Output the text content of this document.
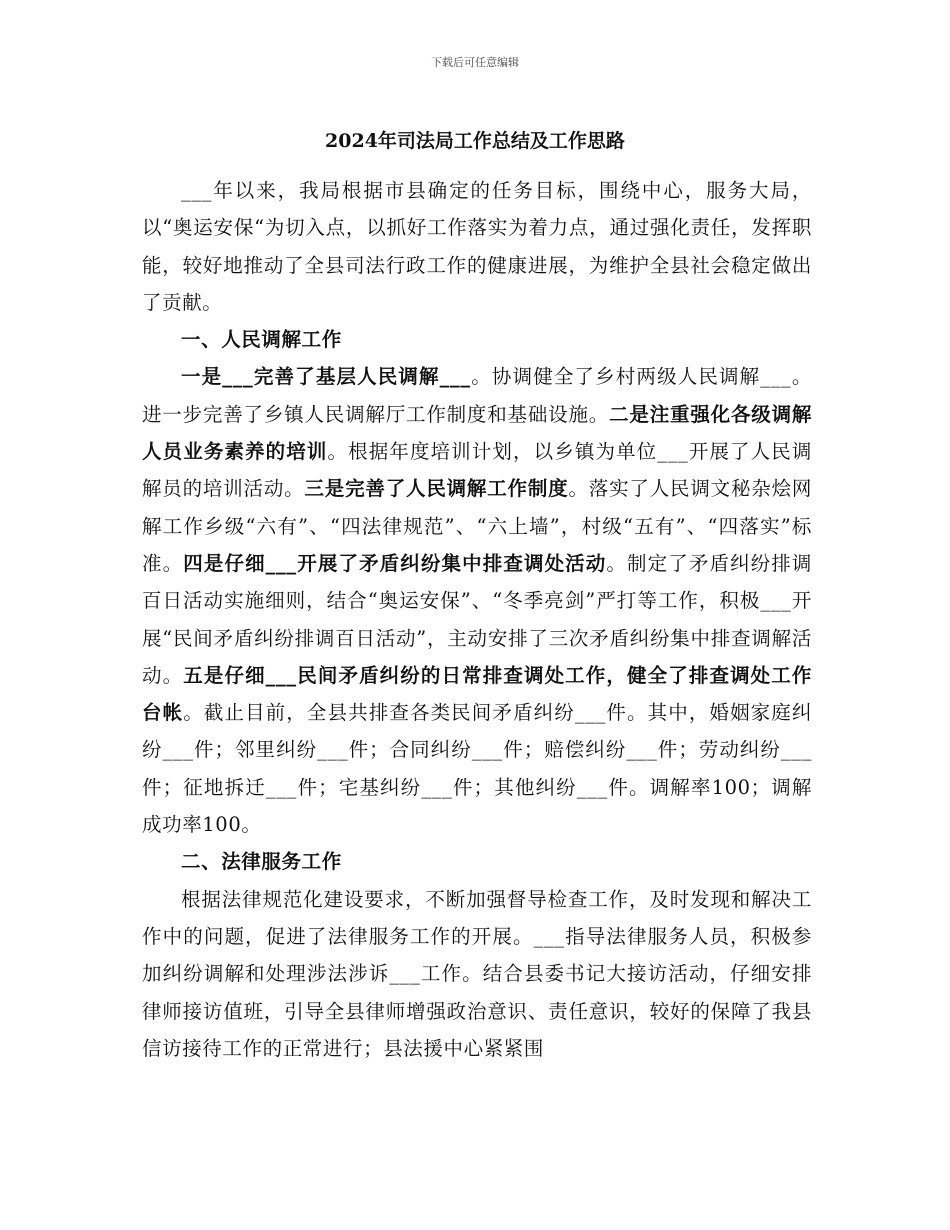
下载后可任意编辑
2024年司法局工作总结及工作思路

___年以来，我局根据市县确定的任务目标，围绕中心，服务大局，以“奥运安保“为切入点，以抓好工作落实为着力点，通过强化责任，发挥职能，较好地推动了全县司法行政工作的健康进展，为维护全县社会稳定做出了贡献。

一、人民调解工作

一是___完善了基层人民调解___。协调健全了乡村两级人民调解___。进一步完善了乡镇人民调解厅工作制度和基础设施。二是注重强化各级调解人员业务素养的培训。根据年度培训计划，以乡镇为单位___开展了人民调解员的培训活动。三是完善了人民调解工作制度。落实了人民调文秘杂烩网解工作乡级“六有”、“四法律规范”、“六上墙”，村级“五有”、“四落实”标准。四是仔细___开展了矛盾纠纷集中排查调处活动。制定了矛盾纠纷排调百日活动实施细则，结合“奥运安保”、“冬季亮剑”严打等工作，积极___开展“民间矛盾纠纷排调百日活动”，主动安排了三次矛盾纠纷集中排查调解活动。五是仔细___民间矛盾纠纷的日常排查调处工作，健全了排查调处工作台帐。截止目前，全县共排查各类民间矛盾纠纷___件。其中，婚姻家庭纠纷___件；邻里纠纷___件；合同纠纷___件；赔偿纠纷___件；劳动纠纷___件；征地拆迁___件；宅基纠纷___件；其他纠纷___件。调解率100；调解成功率100。

二、法律服务工作

根据法律规范化建设要求，不断加强督导检查工作，及时发现和解决工作中的问题，促进了法律服务工作的开展。___指导法律服务人员，积极参加纠纷调解和处理涉法涉诉___工作。结合县委书记大接访活动，仔细安排律师接访值班，引导全县律师增强政治意识、责任意识，较好的保障了我县信访接待工作的正常进行；县法援中心紧紧围
